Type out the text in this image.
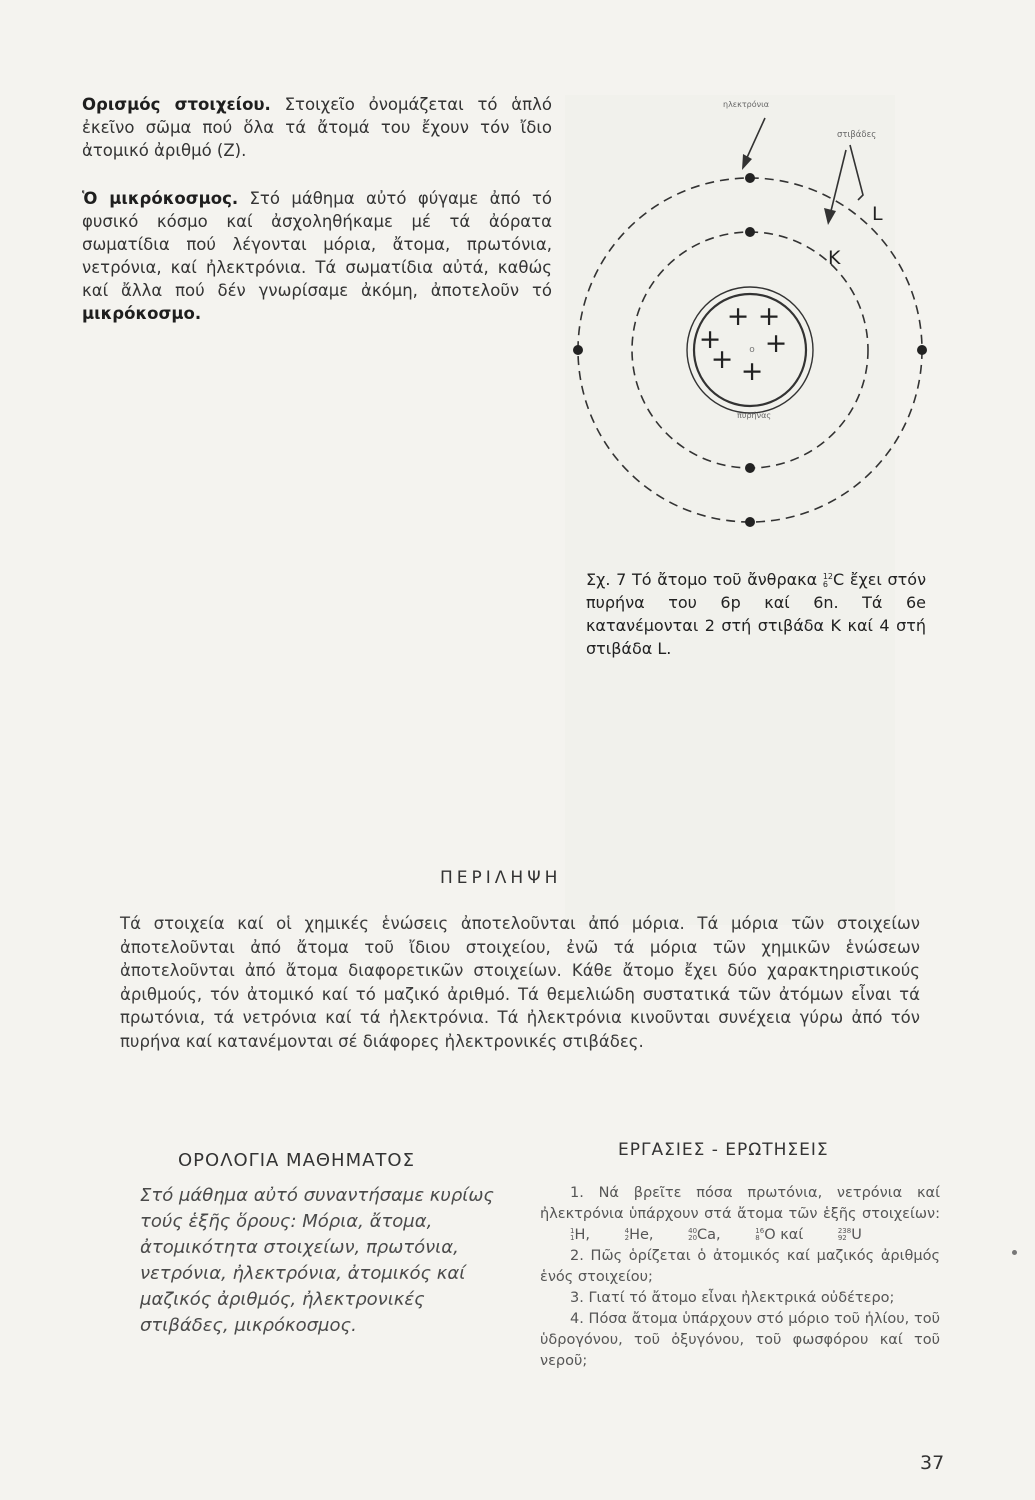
Ορισμός στοιχείου. Στοιχεῖο ὀνομάζεται τό ἁπλό ἐκεῖνο σῶμα πού ὅλα τά ἄτομά του ἔχουν τόν ἴδιο ἀτομικό ἀριθμό (Z).
Ὁ μικρόκοσμος. Στό μάθημα αὐτό φύγαμε ἀπό τό φυσικό κόσμο καί ἀσχοληθήκαμε μέ τά ἀόρατα σωματίδια πού λέγονται μόρια, ἄτομα, πρωτόνια, νετρόνια, καί ἠλεκτρόνια. Τά σωματίδια αὐτά, καθώς καί ἄλλα πού δέν γνωρίσαμε ἀκόμη, ἀποτελοῦν τό μικρόκοσμο.
ηλεκτρόνια
στιβάδες
L
K
πυρήνας
+ +
+ +
+ +
o
Σχ. 7 Τό ἄτομο τοῦ ἄνθρακα 12
6 C ἔχει στόν πυρήνα του 6p καί 6n. Τά 6e κατανέμονται 2 στή στιβάδα K καί 4 στή στιβάδα L.
ΠΕΡΙΛΗΨΗ
Τά στοιχεία καί οἱ χημικές ἑνώσεις ἀποτελοῦνται ἀπό μόρια. Τά μόρια τῶν στοιχείων ἀποτελοῦνται ἀπό ἄτομα τοῦ ἴδιου στοιχείου, ἐνῶ τά μόρια τῶν χημικῶν ἑνώσεων ἀποτελοῦνται ἀπό ἄτομα διαφορετικῶν στοιχείων. Κάθε ἄτομο ἔχει δύο χαρακτηριστικούς ἀριθμούς, τόν ἀτομικό καί τό μαζικό ἀριθμό. Τά θεμελιώδη συστατικά τῶν ἀτόμων εἶναι τά πρωτόνια, τά νετρόνια καί τά ἠλεκτρόνια. Τά ἠλεκτρόνια κινοῦνται συνέχεια γύρω ἀπό τόν πυρήνα καί κατανέμονται σέ διάφορες ἠλεκτρονικές στιβάδες.
ΟΡΟΛΟΓΙΑ ΜΑΘΗΜΑΤΟΣ
Στό μάθημα αὐτό συναντήσαμε κυρίως τούς ἑξῆς ὅρους: Μόρια, ἄτομα, ἀτομικότητα στοιχείων, πρωτόνια, νετρόνια, ἠλεκτρόνια, ἀτομικός καί μαζικός ἀριθμός, ἠλεκτρονικές στιβάδες, μικρόκοσμος.
ΕΡΓΑΣΙΕΣ - ΕΡΩΤΗΣΕΙΣ

1. Νά βρεῖτε πόσα πρωτόνια, νετρόνια καί ἠλεκτρόνια ὑπάρχουν στά ἄτομα τῶν ἑξῆς στοιχείων:
1
1 H,	4
2 He,	40
20 Ca,	16
8 O καί	238
92 U

2. Πῶς ὁρίζεται ὁ ἀτομικός καί μαζικός ἀριθμός ἑνός στοιχείου;

3. Γιατί τό ἄτομο εἶναι ἠλεκτρικά οὐδέτερο;

4. Πόσα ἄτομα ὑπάρχουν στό μόριο τοῦ ἡλίου, τοῦ ὑδρογόνου, τοῦ ὀξυγόνου, τοῦ φωσφόρου καί τοῦ νεροῦ;

37
